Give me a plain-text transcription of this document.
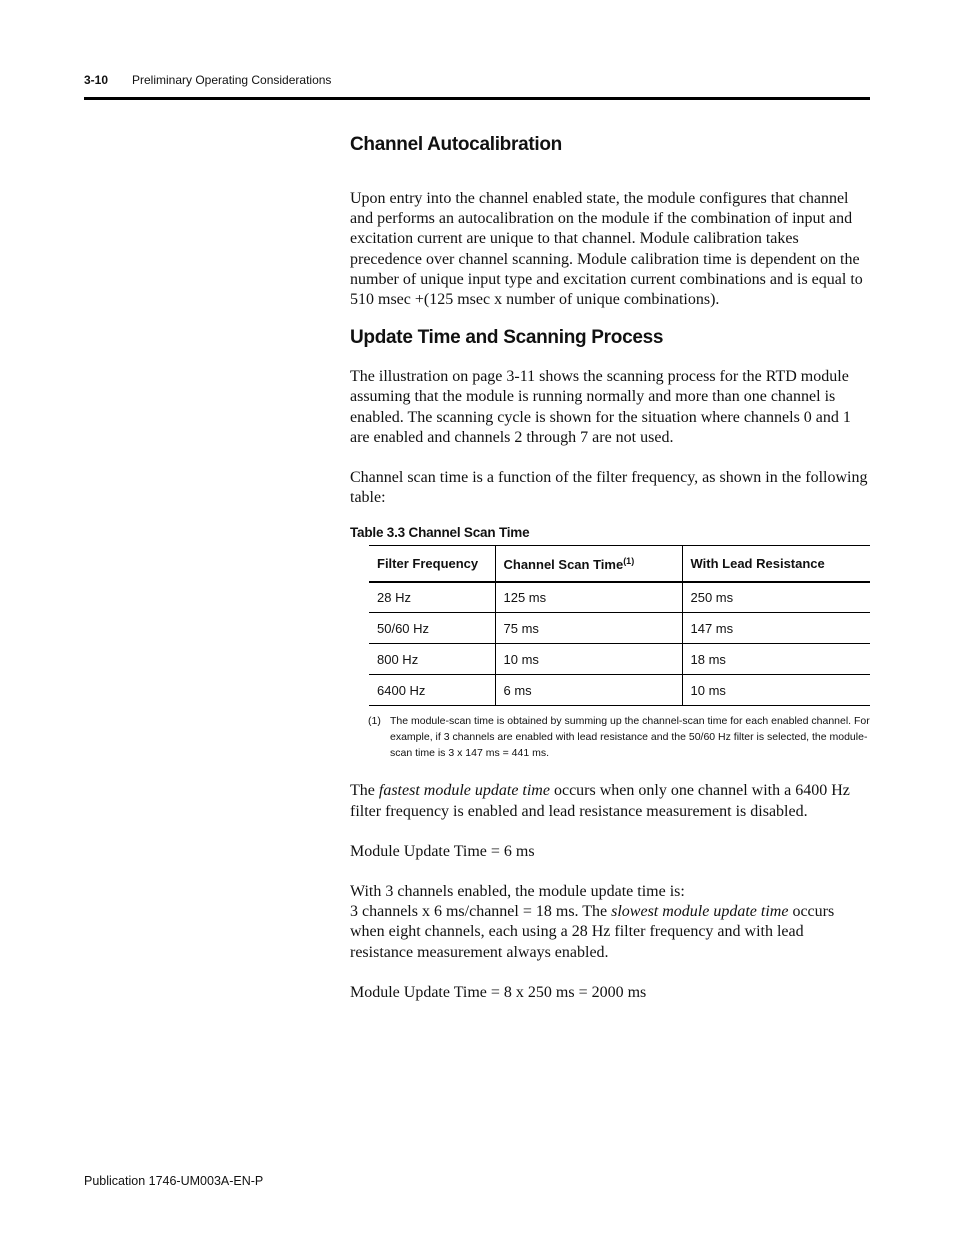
3-10 Preliminary Operating Considerations
Channel Autocalibration

Upon entry into the channel enabled state, the module configures that channel and performs an autocalibration on the module if the combination of input and excitation current are unique to that channel. Module calibration takes precedence over channel scanning. Module calibration time is dependent on the number of unique input type and excitation current combinations and is equal to 510 msec +(125 msec x number of unique combinations).

Update Time and Scanning Process

The illustration on page 3-11 shows the scanning process for the RTD module assuming that the module is running normally and more than one channel is enabled. The scanning cycle is shown for the situation where channels 0 and 1 are enabled and channels 2 through 7 are not used.

Channel scan time is a function of the filter frequency, as shown in the following table:

Table 3.3 Channel Scan Time
Filter Frequency	Channel Scan Time$^{(1)}$	With Lead Resistance
28 Hz	125 ms	250 ms
50/60 Hz	75 ms	147 ms
800 Hz	10 ms	18 ms
6400 Hz	6 ms	10 ms
(1) The module-scan time is obtained by summing up the channel-scan time for each enabled channel. For example, if 3 channels are enabled with lead resistance and the 50/60 Hz filter is selected, the module-scan time is 3 x 147 ms = 441 ms.

The fastest module update time occurs when only one channel with a 6400 Hz filter frequency is enabled and lead resistance measurement is disabled.

Module Update Time = 6 ms

With 3 channels enabled, the module update time is:
3 channels x 6 ms/channel = 18 ms. The slowest module update time occurs when eight channels, each using a 28 Hz filter frequency and with lead resistance measurement always enabled.

Module Update Time = 8 x 250 ms = 2000 ms

Publication 1746-UM003A-EN-P
